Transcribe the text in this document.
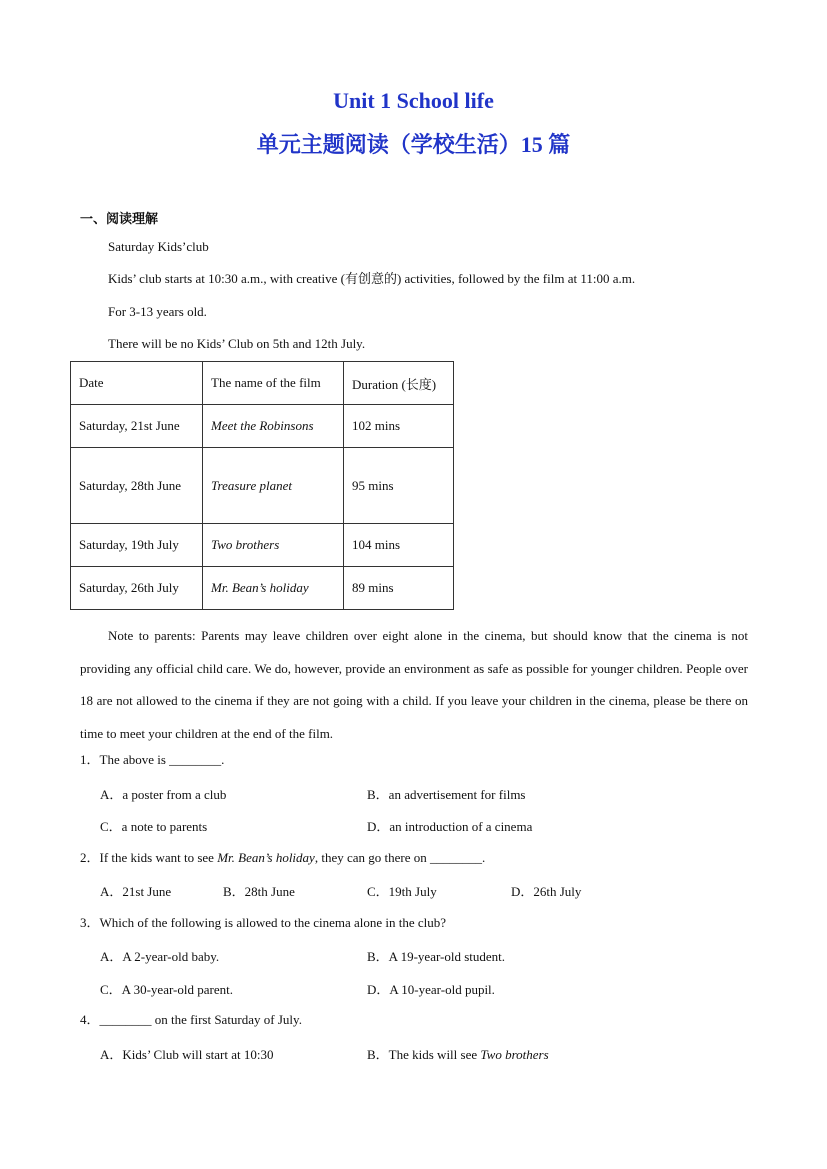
Unit 1 School life
单元主题阅读（学校生活）15 篇
一、阅读理解
Saturday Kids’club
Kids’ club starts at 10:30 a.m., with creative (有创意的) activities, followed by the film at 11:00 a.m.
For 3-13 years old.
There will be no Kids’ Club on 5th and 12th July.
Date	The name of the film	Duration (长度)
Saturday, 21st June	Meet the Robinsons	102 mins
Saturday, 28th June	Treasure planet	95 mins
Saturday, 19th July	Two brothers	104 mins
Saturday, 26th July	Mr. Bean’s holiday	89 mins
Note to parents: Parents may leave children over eight alone in the cinema, but should know that the cinema is not providing any official child care. We do, however, provide an environment as safe as possible for younger children. People over 18 are not allowed to the cinema if they are not going with a child. If you leave your children in the cinema, please be there on time to meet your children at the end of the film.
1．The above is ________.
A．a poster from a club	B．an advertisement for films
C．a note to parents	D．an introduction of a cinema
2．If the kids want to see Mr. Bean’s holiday, they can go there on ________.
A．21st June	B．28th June	C．19th July	D．26th July
3．Which of the following is allowed to the cinema alone in the club?
A．A 2-year-old baby.	B．A 19-year-old student.
C．A 30-year-old parent.	D．A 10-year-old pupil.
4．________ on the first Saturday of July.
A．Kids’ Club will start at 10:30	B．The kids will see Two brothers
